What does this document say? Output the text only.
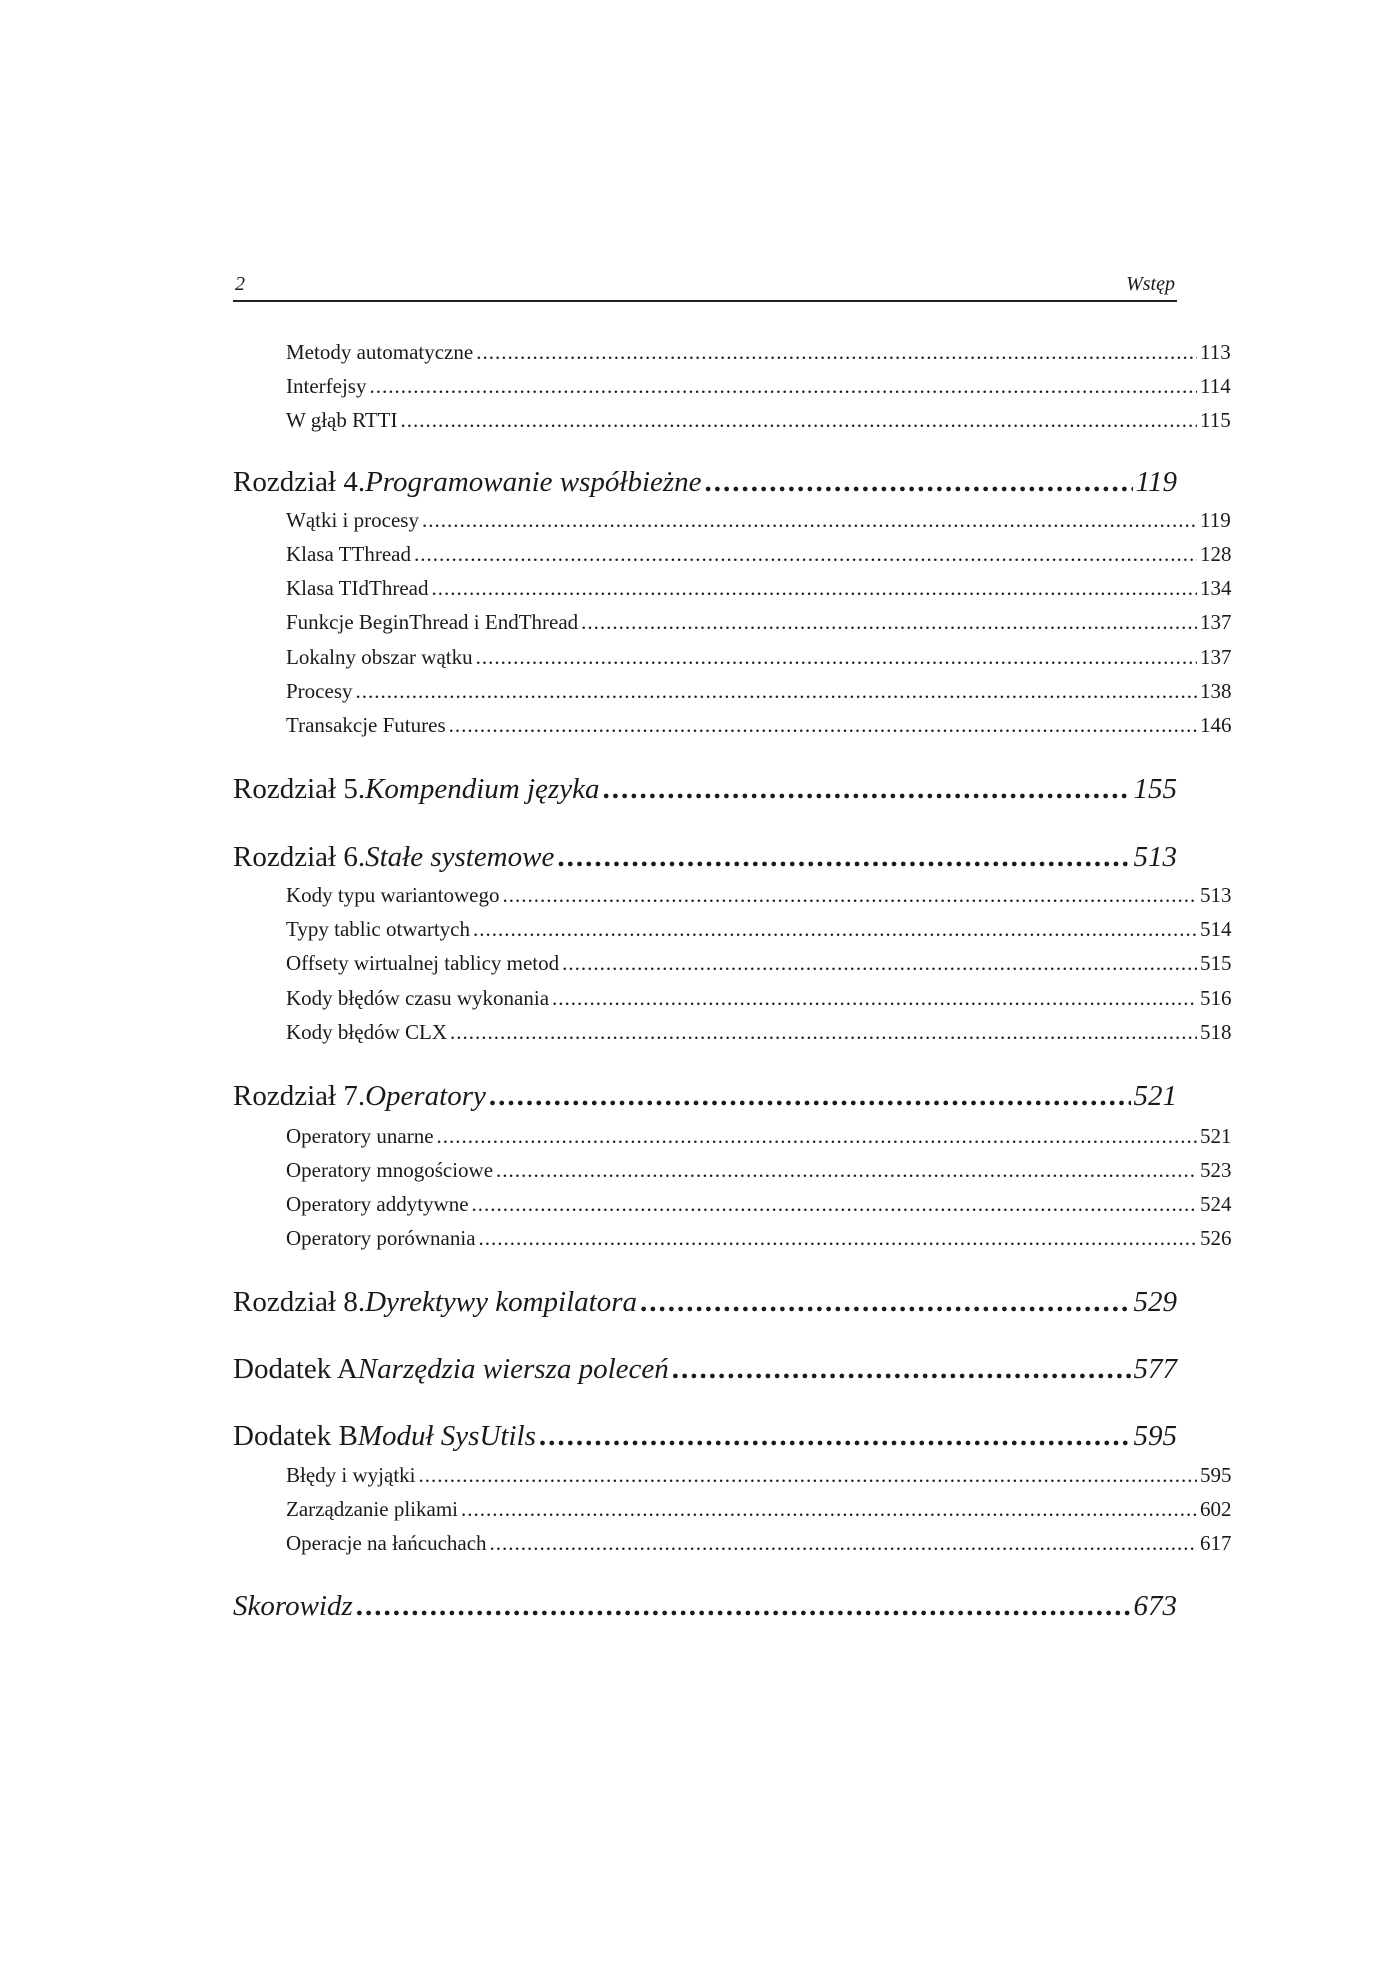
2	Wstęp
Metody automatyczne .....	113
Interfejsy .....	114
W głąb RTTI .....	115
Rozdział 4. Programowanie współbieżne .....	119
Wątki i procesy .....	119
Klasa TThread .....	128
Klasa TIdThread .....	134
Funkcje BeginThread i EndThread .....	137
Lokalny obszar wątku .....	137
Procesy .....	138
Transakcje Futures .....	146
Rozdział 5. Kompendium języka .....	155
Rozdział 6. Stałe systemowe .....	513
Kody typu wariantowego .....	513
Typy tablic otwartych .....	514
Offsety wirtualnej tablicy metod .....	515
Kody błędów czasu wykonania .....	516
Kody błędów CLX .....	518
Rozdział 7. Operatory .....	521
Operatory unarne .....	521
Operatory mnogościowe .....	523
Operatory addytywne .....	524
Operatory porównania .....	526
Rozdział 8. Dyrektywy kompilatora .....	529
Dodatek A Narzędzia wiersza poleceń .....	577
Dodatek B Moduł SysUtils .....	595
Błędy i wyjątki .....	595
Zarządzanie plikami .....	602
Operacje na łańcuchach .....	617
Skorowidz .....	673
